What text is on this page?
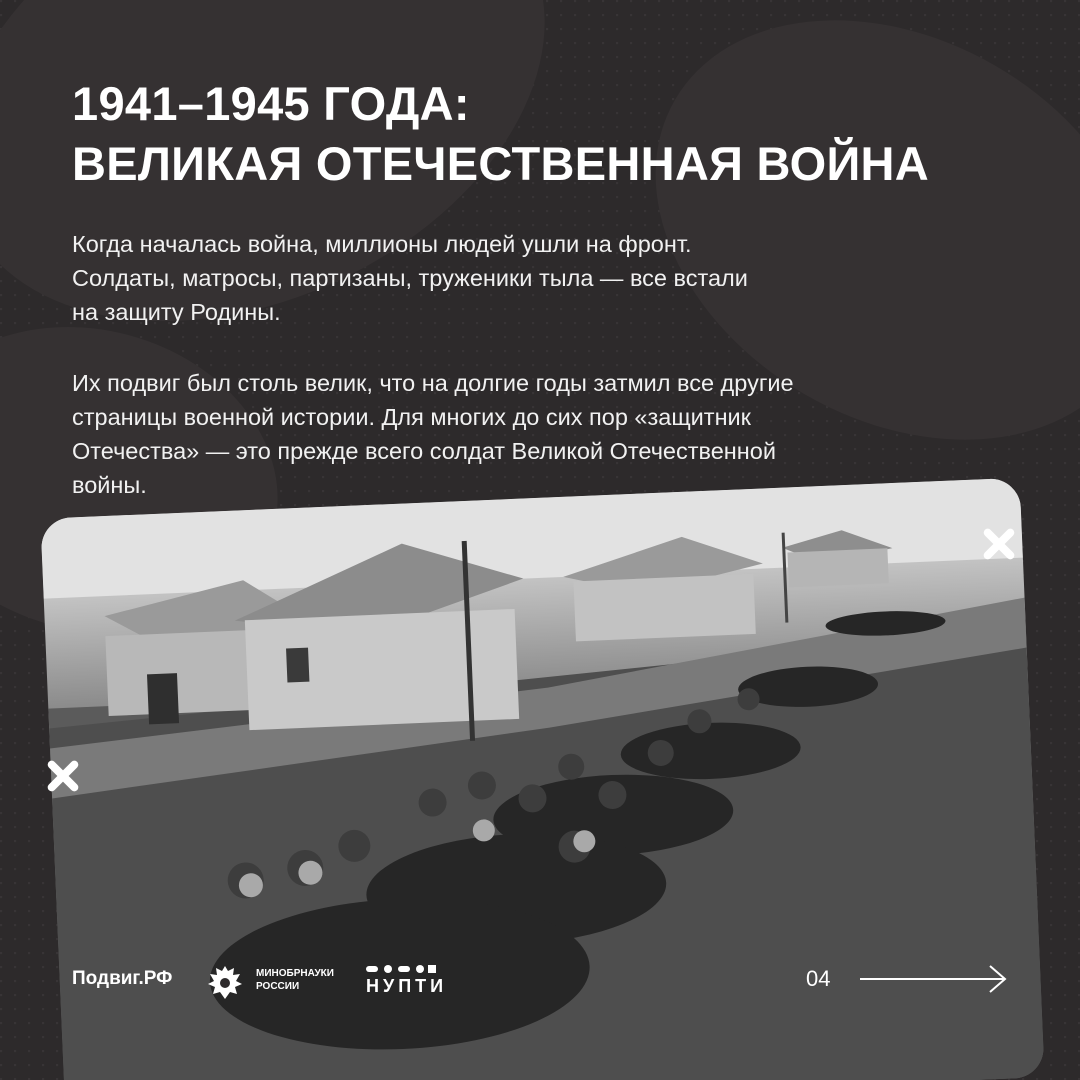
1941–1945 ГОДА:
ВЕЛИКАЯ ОТЕЧЕСТВЕННАЯ ВОЙНА

Когда началась война, миллионы людей ушли на фронт.
Солдаты, матросы, партизаны, труженики тыла — все встали
на защиту Родины.

Их подвиг был столь велик, что на долгие годы затмил все другие
страницы военной истории. Для многих до сих пор «защитник
Отечества» — это прежде всего солдат Великой Отечественной
войны.

Подвиг.РФ	МИНОБРНАУКИ
РОССИИ	НУПТИ	04
